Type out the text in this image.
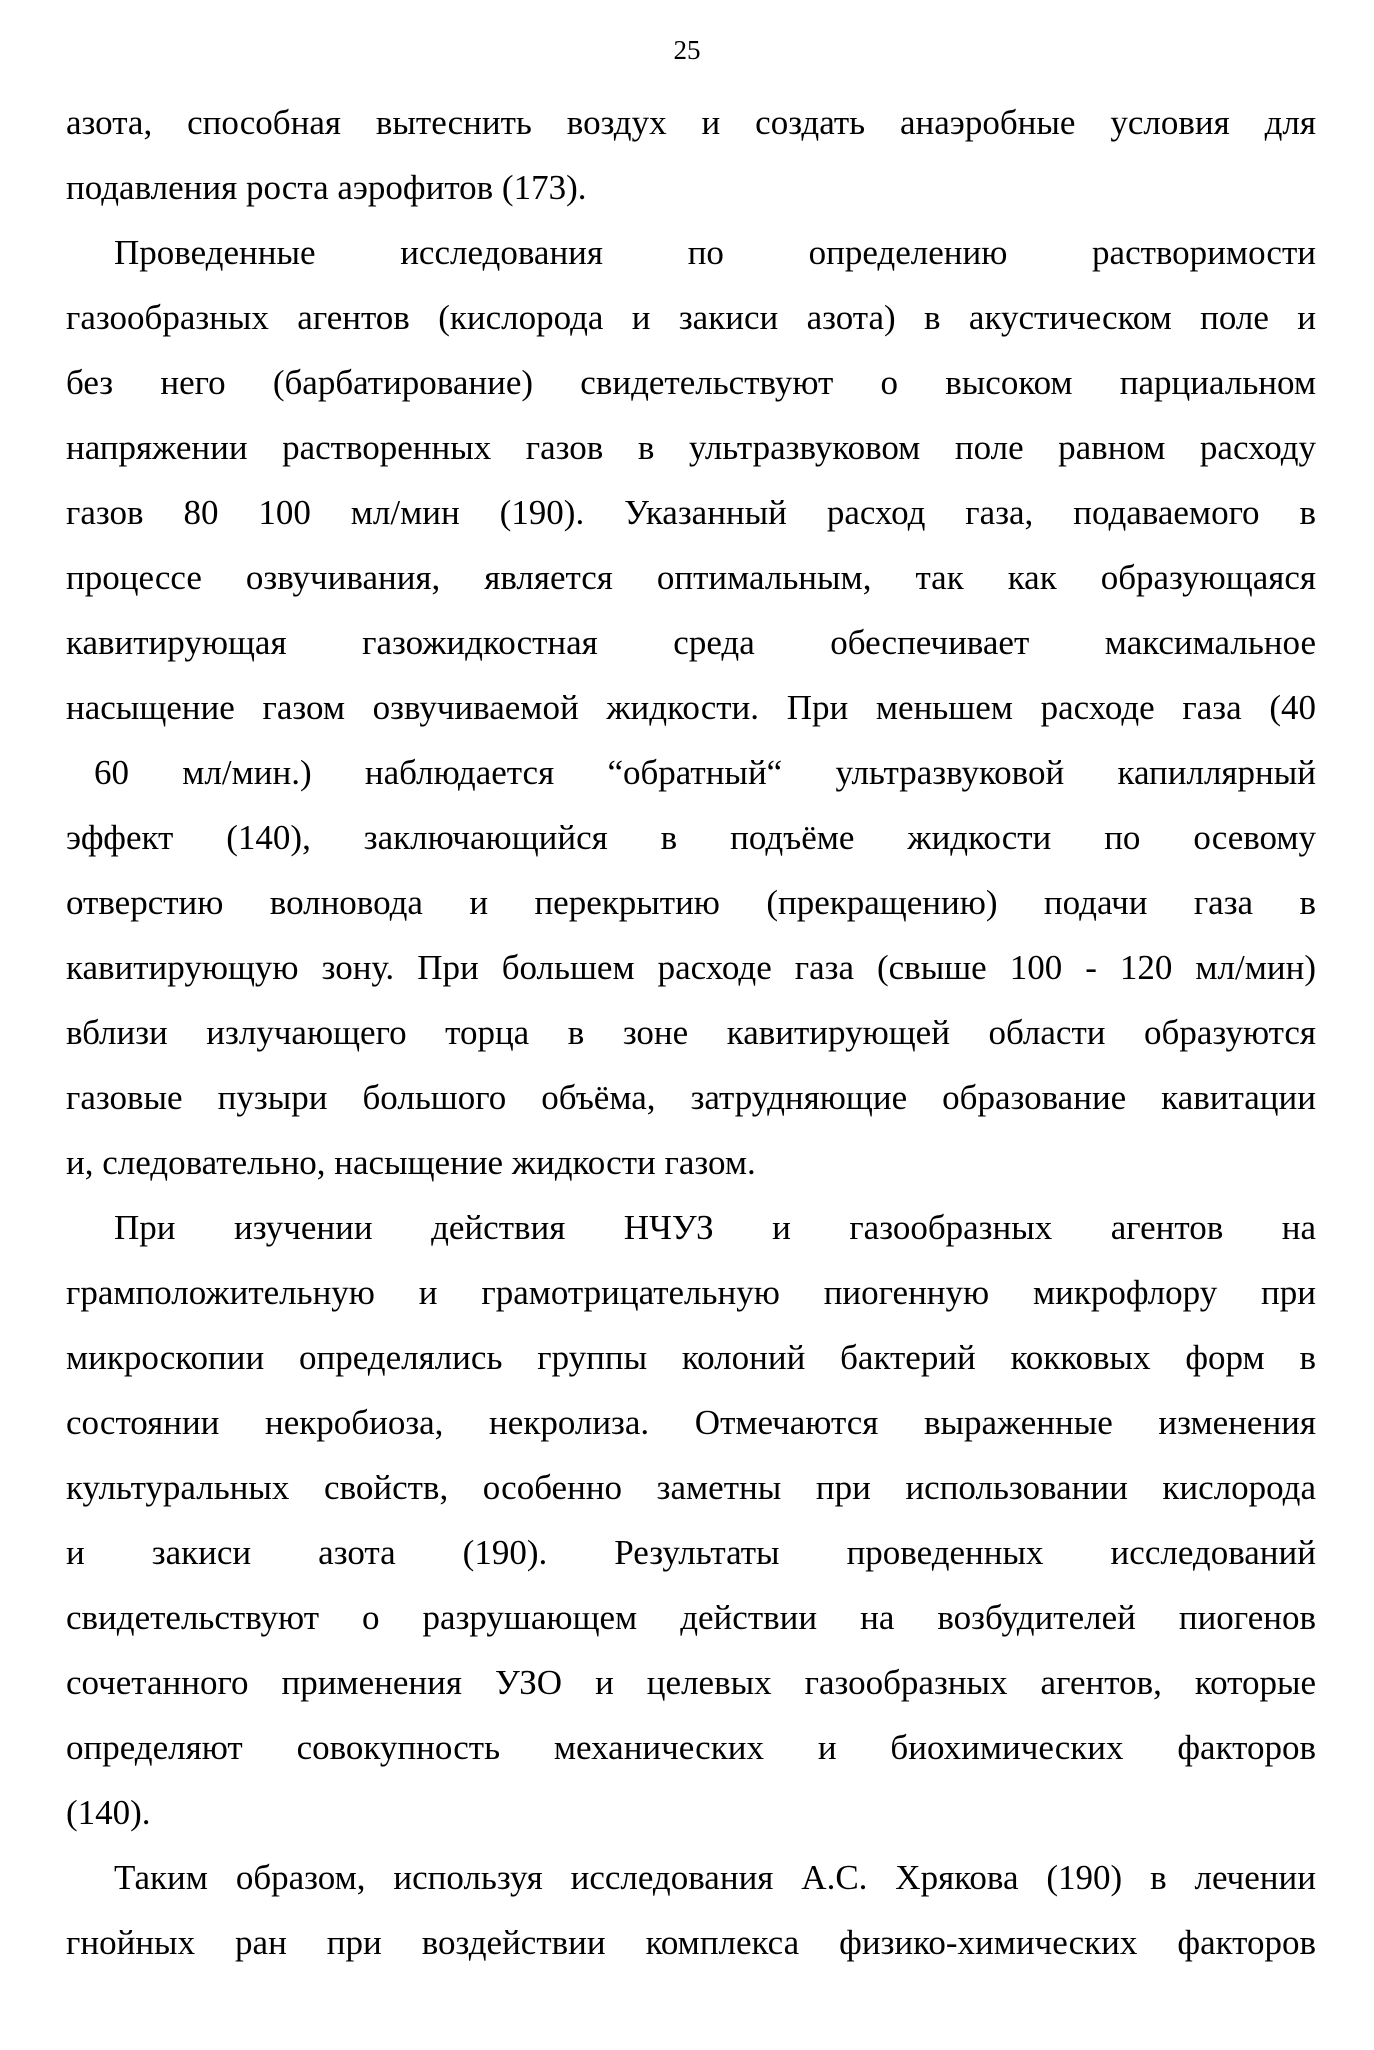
25
азота, способная вытеснить воздух и создать анаэробные условия для
подавления роста аэрофитов (173).
Проведенные исследования по определению растворимости
газообразных агентов (кислорода и закиси азота) в акустическом поле и
без него (барбатирование) свидетельствуют о высоком парциальном
напряжении растворенных газов в ультразвуковом поле равном расходу
газов 80 100 мл/мин (190). Указанный расход газа, подаваемого в
процессе озвучивания, является оптимальным, так как образующаяся
кавитирующая газожидкостная среда обеспечивает максимальное
насыщение газом озвучиваемой жидкости. При меньшем расходе газа (40
60 мл/мин.) наблюдается “обратный“ ультразвуковой капиллярный
эффект (140), заключающийся в подъёме жидкости по осевому
отверстию волновода и перекрытию (прекращению) подачи газа в
кавитирующую зону. При большем расходе газа (свыше 100 - 120 мл/мин)
вблизи излучающего торца в зоне кавитирующей области образуются
газовые пузыри большого объёма, затрудняющие образование кавитации
и, следовательно, насыщение жидкости газом.
При изучении действия НЧУЗ и газообразных агентов на
грамположительную и грамотрицательную пиогенную микрофлору при
микроскопии определялись группы колоний бактерий кокковых форм в
состоянии некробиоза, некролиза. Отмечаются выраженные изменения
культуральных свойств, особенно заметны при использовании кислорода
и закиси азота (190). Результаты проведенных исследований
свидетельствуют о разрушающем действии на возбудителей пиогенов
сочетанного применения УЗО и целевых газообразных агентов, которые
определяют совокупность механических и биохимических факторов
(140).
Таким образом, используя исследования А.С. Хрякова (190) в лечении
гнойных ран при воздействии комплекса физико-химических факторов
